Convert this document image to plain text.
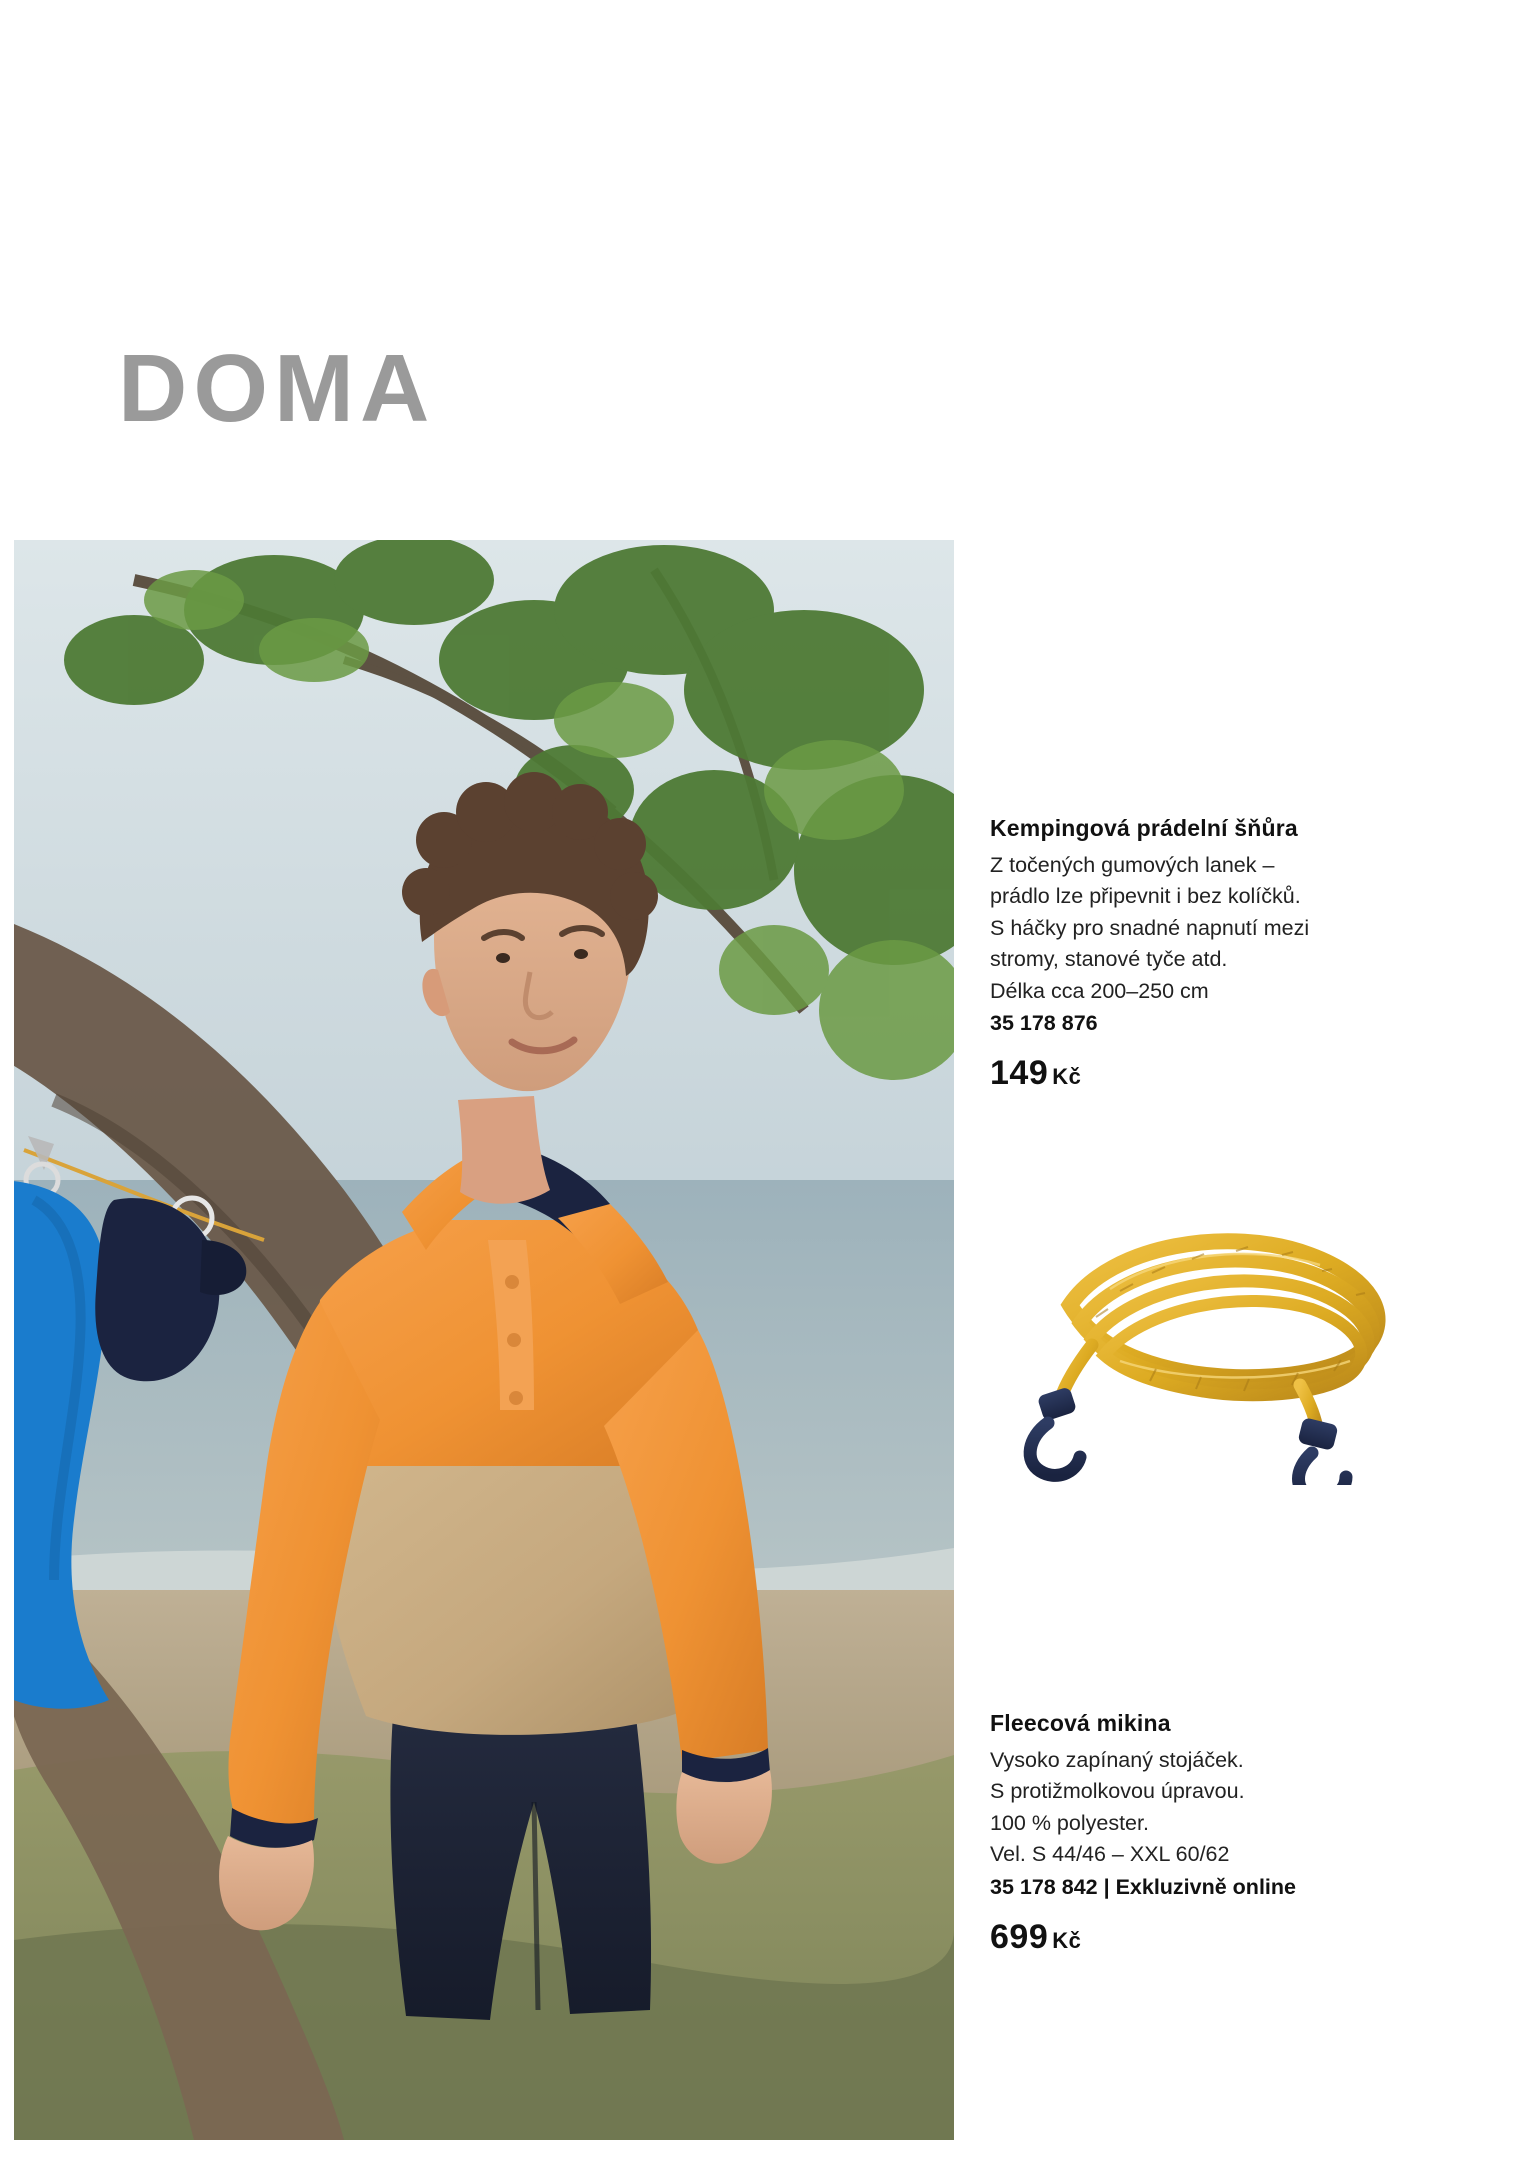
DOMA

Kempingová prádelní šňůra
Z točených gumových lanek –
prádlo lze připevnit i bez kolíčků.
S háčky pro snadné napnutí mezi
stromy, stanové tyče atd.
Délka cca 200–250 cm
35 178 876
149 Kč
Fleecová mikina
Vysoko zapínaný stojáček.
S protižmolkovou úpravou.
100 % polyester.
Vel. S 44/46 – XXL 60/62
35 178 842 | Exkluzivně online
699 Kč
